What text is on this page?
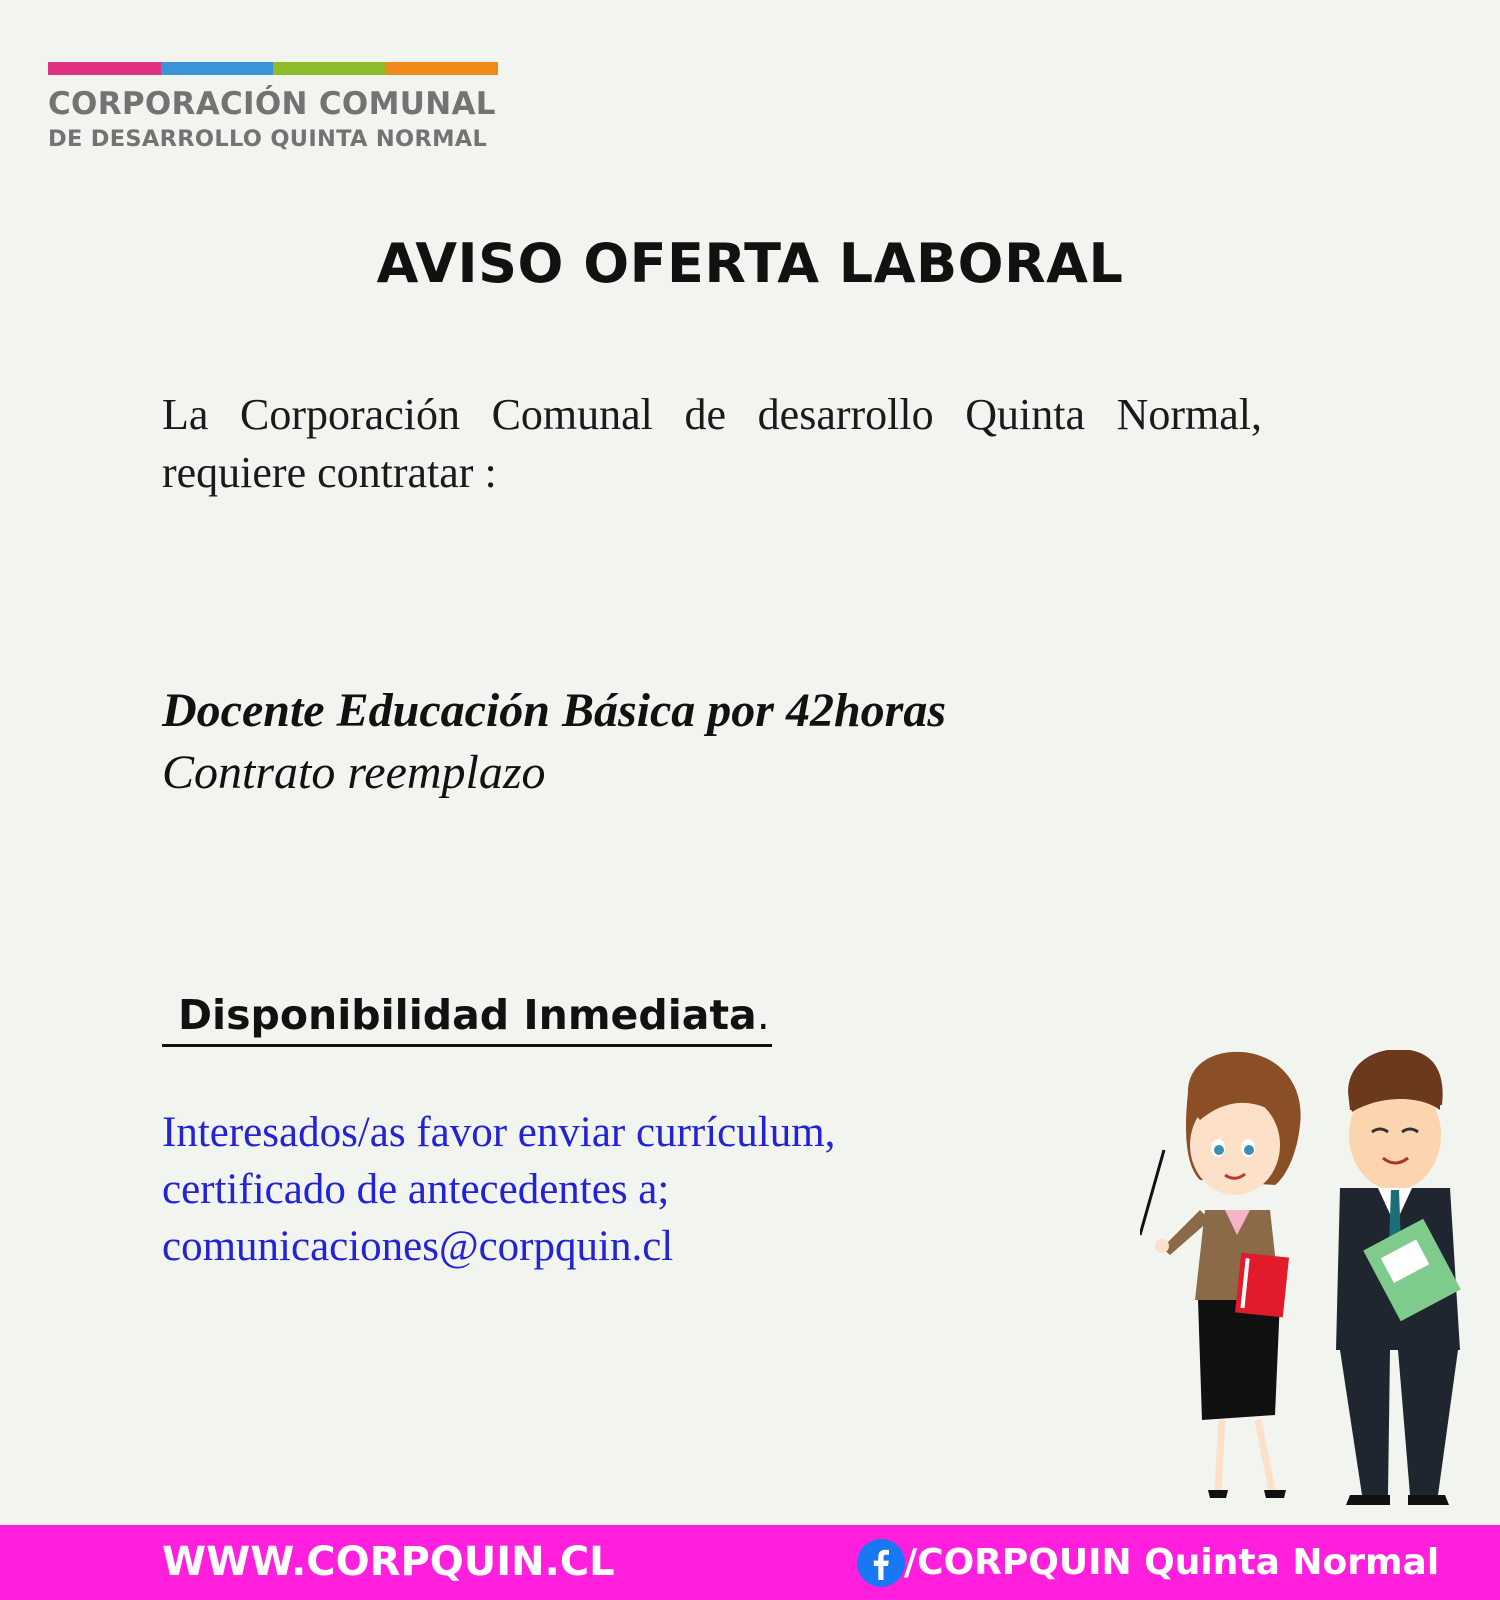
CORPORACIÓN COMUNAL
DE DESARROLLO QUINTA NORMAL
AVISO OFERTA LABORAL

La Corporación Comunal de desarrollo Quinta Normal,

requiere contratar :

Docente Educación Básica por 42horas
Contrato reemplazo
Disponibilidad Inmediata.

Interesados/as favor enviar currículum,

certificado de antecedentes a;

comunicaciones@corpquin.cl

WWW.CORPQUIN.CL	/CORPQUIN Quinta Normal
